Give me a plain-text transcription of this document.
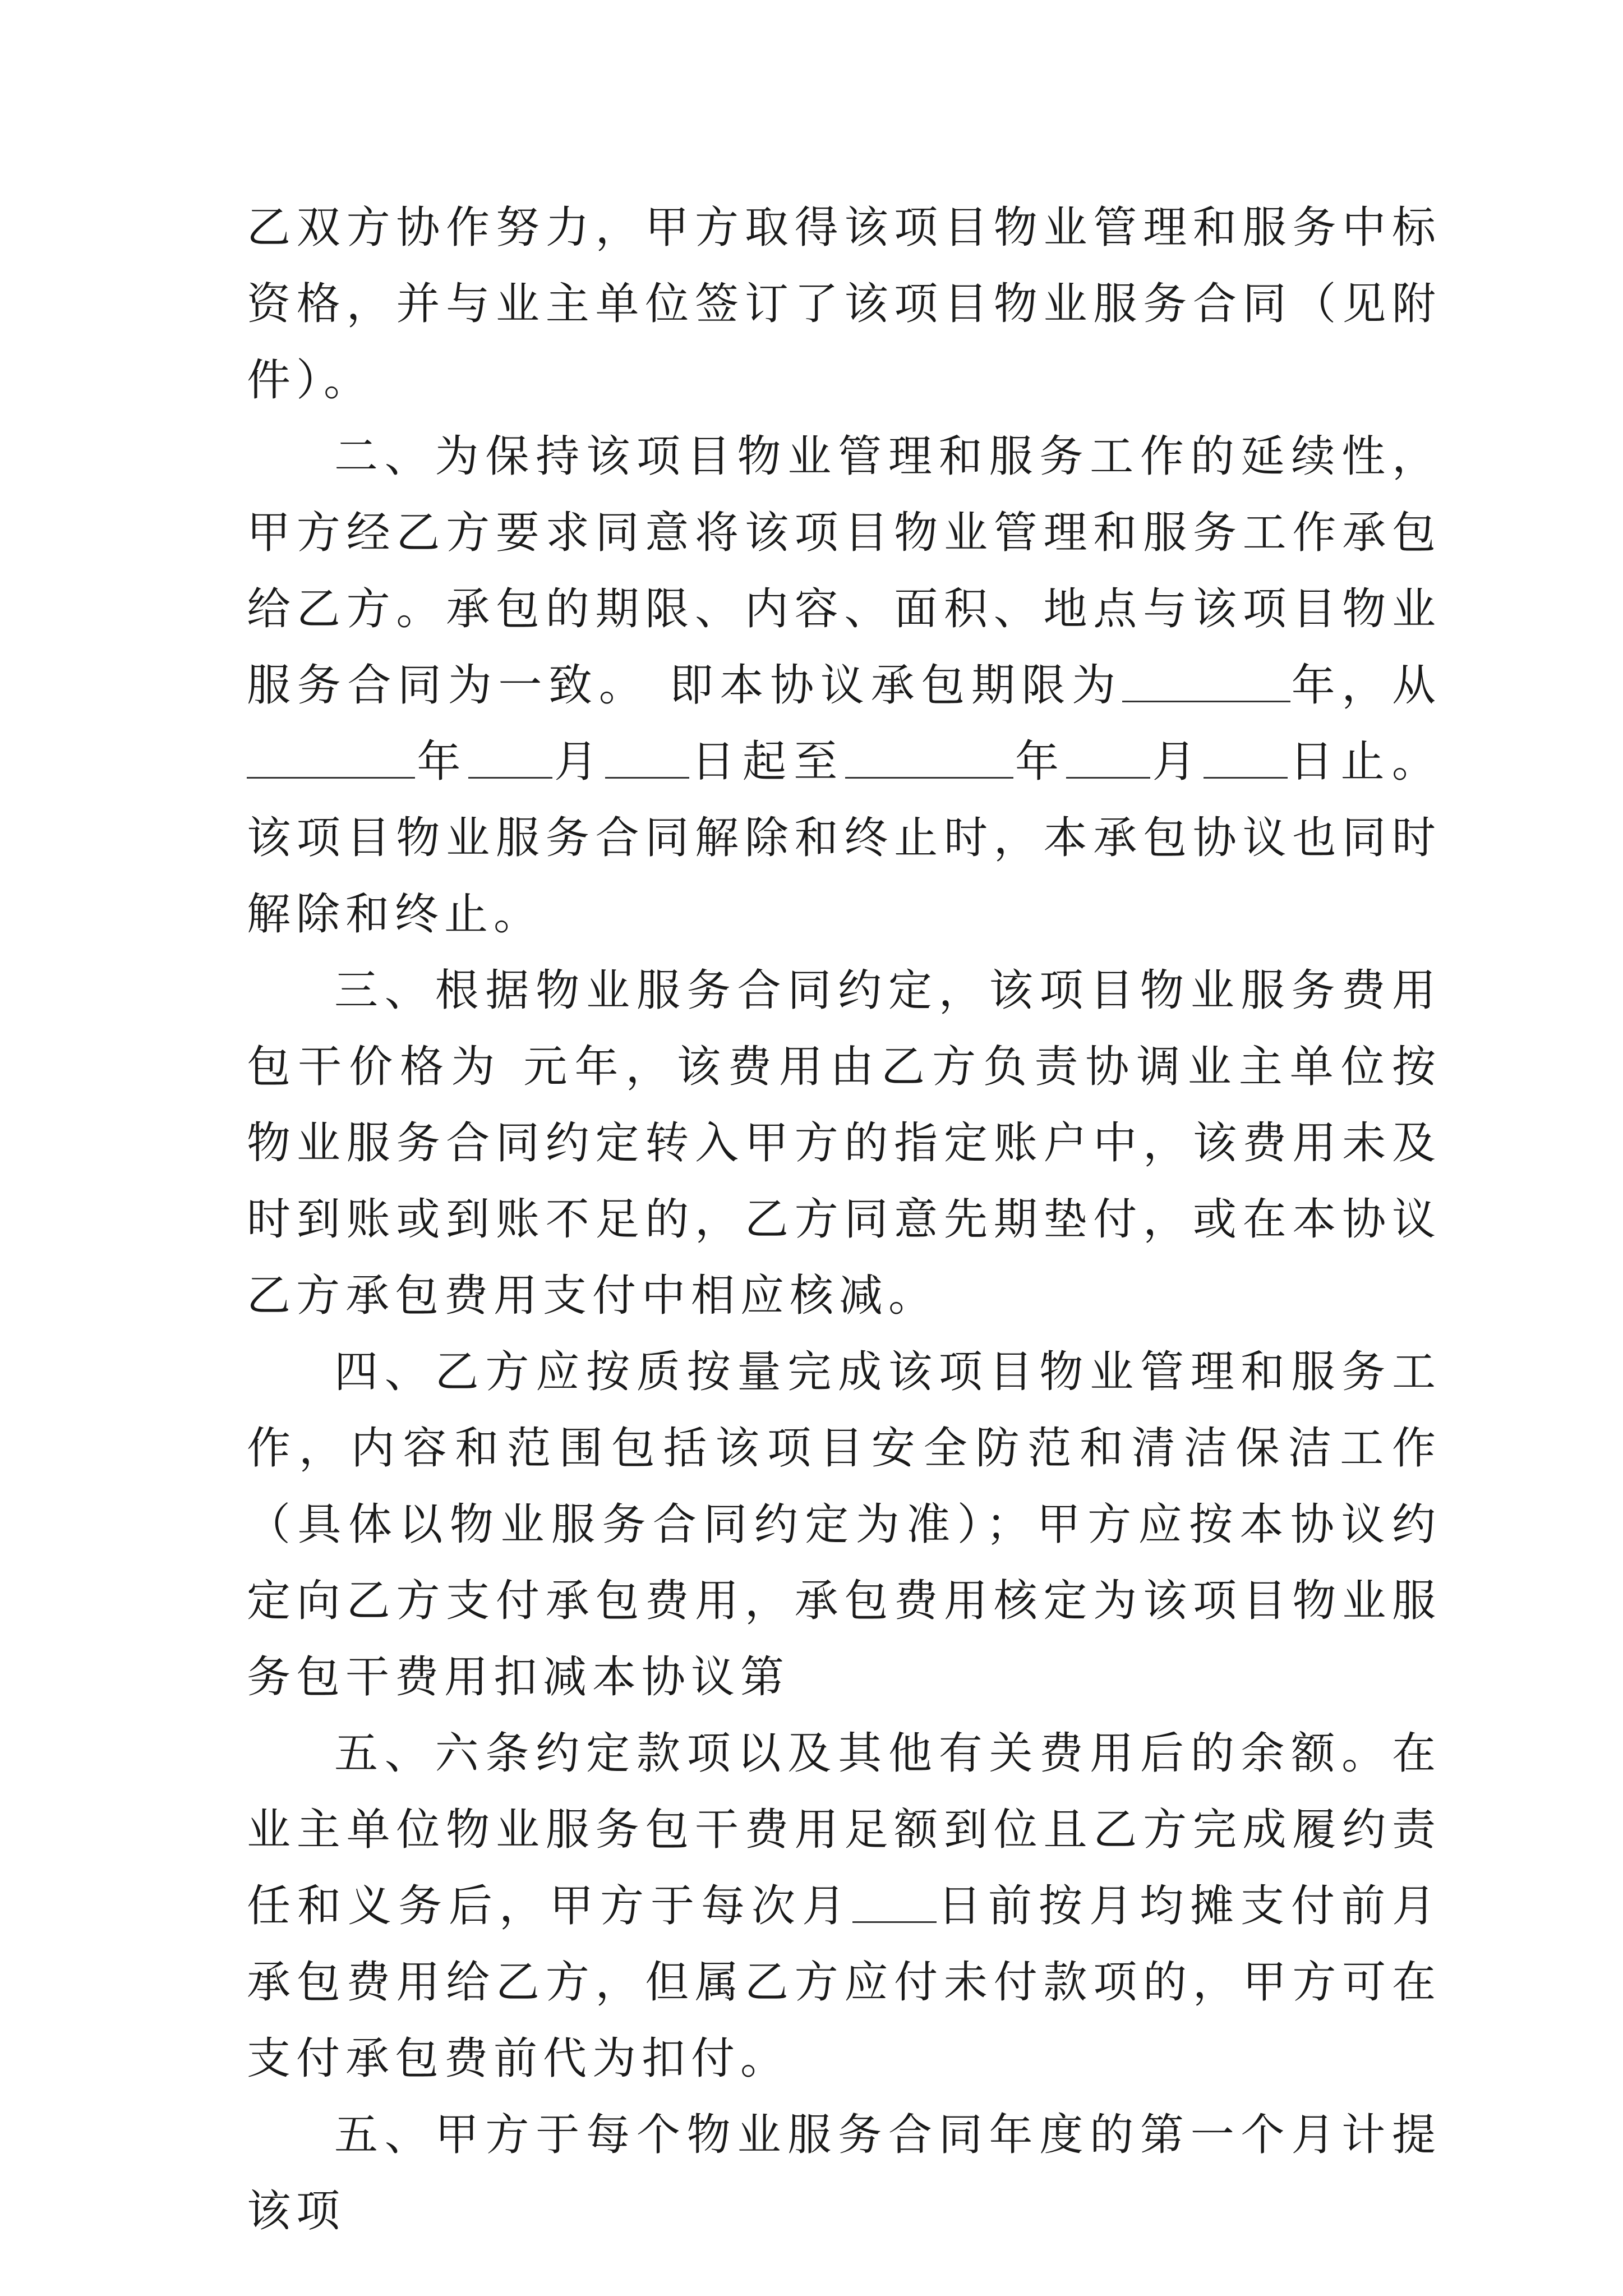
乙双方协作努力，甲方取得该项目物业管理和服务中标资格，并与业主单位签订了该项目物业服务合同（见附件）。

二、为保持该项目物业管理和服务工作的延续性，甲方经乙方要求同意将该项目物业管理和服务工作承包给乙方。承包的期限、内容、面积、地点与该项目物业服务合同为一致。 即本协议承包期限为	年，从年 月 日起至	年 月 日止。该项目物业服务合同解除和终止时，本承包协议也同时解除和终止。

三、根据物业服务合同约定，该项目物业服务费用包干价格为 元年，该费用由乙方负责协调业主单位按物业服务合同约定转入甲方的指定账户中，该费用未及时到账或到账不足的，乙方同意先期垫付，或在本协议乙方承包费用支付中相应核减。

四、乙方应按质按量完成该项目物业管理和服务工作，内容和范围包括该项目安全防范和清洁保洁工作（具体以物业服务合同约定为准）；甲方应按本协议约定向乙方支付承包费用，承包费用核定为该项目物业服务包干费用扣减本协议第

五、六条约定款项以及其他有关费用后的余额。在业主单位物业服务包干费用足额到位且乙方完成履约责任和义务后，甲方于每次月 日前按月均摊支付前月承包费用给乙方，但属乙方应付未付款项的，甲方可在支付承包费前代为扣付。

五、甲方于每个物业服务合同年度的第一个月计提该项
